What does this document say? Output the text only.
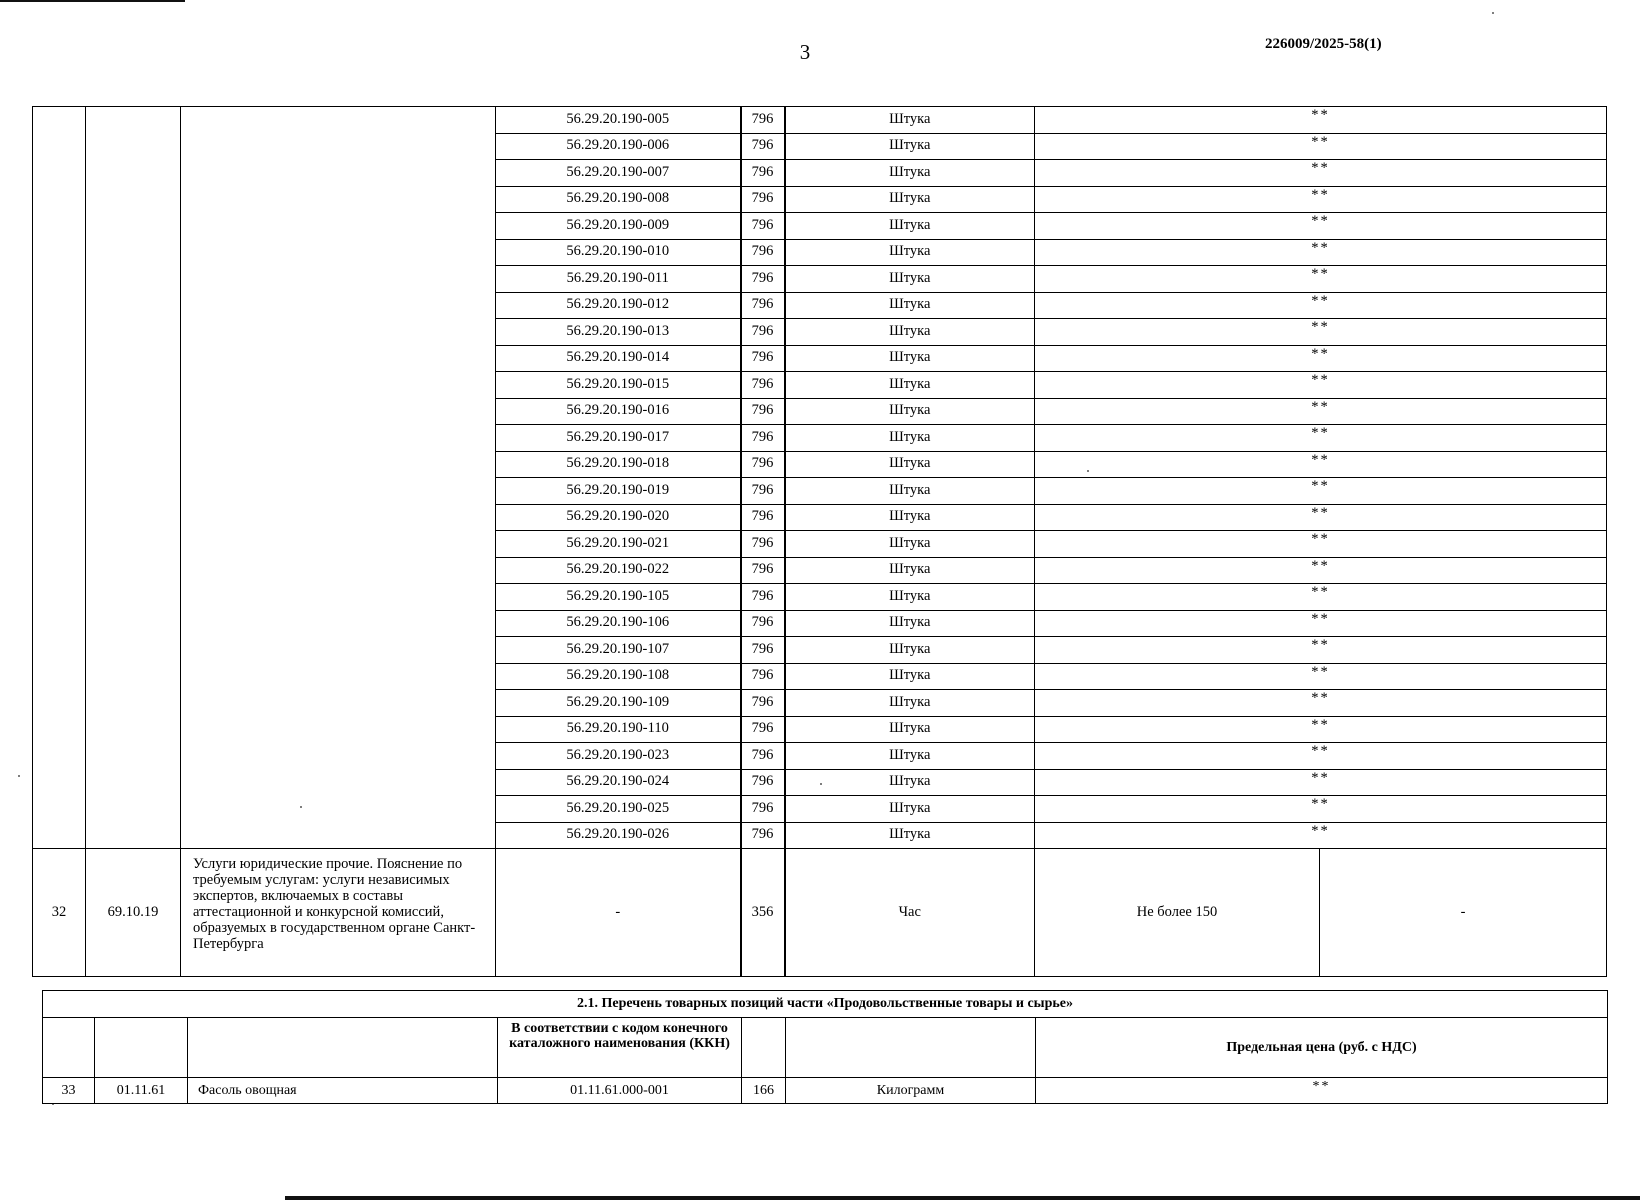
3	226009/2025-58(1)
			56.29.20.190-005	796	Штука	**	
			56.29.20.190-006	796	Штука	**	
			56.29.20.190-007	796	Штука	**	
			56.29.20.190-008	796	Штука	**	
			56.29.20.190-009	796	Штука	**	
			56.29.20.190-010	796	Штука	**	
			56.29.20.190-011	796	Штука	**	
			56.29.20.190-012	796	Штука	**	
			56.29.20.190-013	796	Штука	**	
			56.29.20.190-014	796	Штука	**	
			56.29.20.190-015	796	Штука	**	
			56.29.20.190-016	796	Штука	**	
			56.29.20.190-017	796	Штука	**	
			56.29.20.190-018	796	Штука	**	
			56.29.20.190-019	796	Штука	**	
			56.29.20.190-020	796	Штука	**	
			56.29.20.190-021	796	Штука	**	
			56.29.20.190-022	796	Штука	**	
			56.29.20.190-105	796	Штука	**	
			56.29.20.190-106	796	Штука	**	
			56.29.20.190-107	796	Штука	**	
			56.29.20.190-108	796	Штука	**	
			56.29.20.190-109	796	Штука	**	
			56.29.20.190-110	796	Штука	**	
			56.29.20.190-023	796	Штука	**	
			56.29.20.190-024	796	Штука	**	
			56.29.20.190-025	796	Штука	**	
			56.29.20.190-026	796	Штука	**	
32	69.10.19	Услуги юридические прочие. Пояснение по требуемым услугам: услуги независимых экспертов, включаемых в составы аттестационной и конкурсной комиссий, образуемых в государственном органе Санкт-Петербурга	-	356	Час	Не более 150	-
2.1. Перечень товарных позиций части «Продовольственные товары и сырье»						
			В соответствии с кодом конечного каталожного наименования (ККН)			Предельная цена (руб. с НДС)
33	01.11.61	Фасоль овощная	01.11.61.000-001	166	Килограмм	**
